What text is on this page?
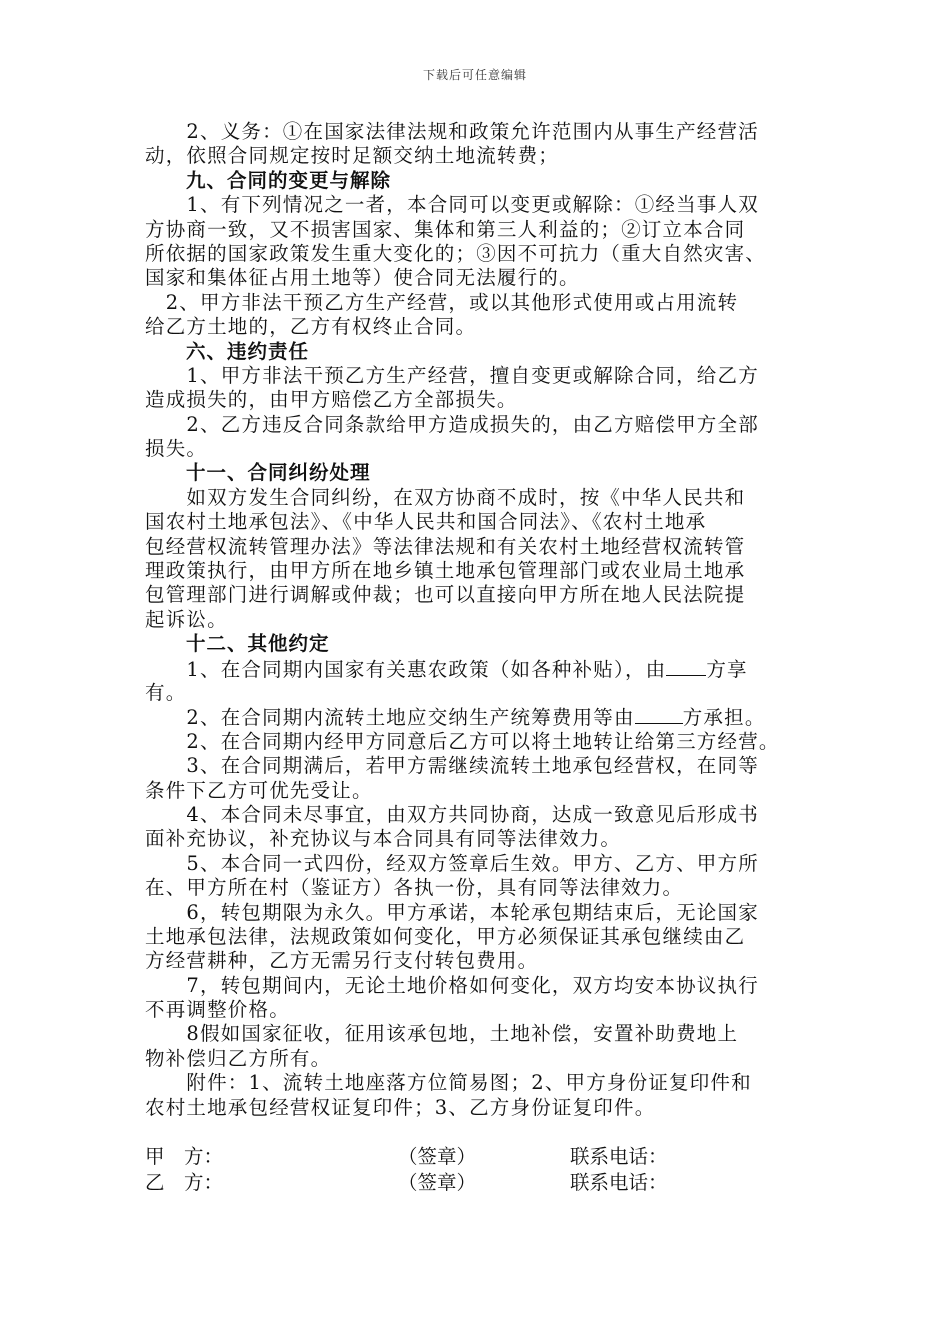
下载后可任意编辑
　　2、义务：①在国家法律法规和政策允许范围内从事生产经营活
动，依照合同规定按时足额交纳土地流转费；
　　九、合同的变更与解除
　　1、有下列情况之一者，本合同可以变更或解除：①经当事人双
方协商一致，又不损害国家、集体和第三人利益的；②订立本合同
所依据的国家政策发生重大变化的；③因不可抗力（重大自然灾害、
国家和集体征占用土地等）使合同无法履行的。
　2、甲方非法干预乙方生产经营，或以其他形式使用或占用流转
给乙方土地的，乙方有权终止合同。
　　六、违约责任
　　1、甲方非法干预乙方生产经营，擅自变更或解除合同，给乙方
造成损失的，由甲方赔偿乙方全部损失。
　　2、乙方违反合同条款给甲方造成损失的，由乙方赔偿甲方全部
损失。
　　十一、合同纠纷处理
　　如双方发生合同纠纷，在双方协商不成时，按《中华人民共和
国农村土地承包法》、《中华人民共和国合同法》、《农村土地承
包经营权流转管理办法》等法律法规和有关农村土地经营权流转管
理政策执行，由甲方所在地乡镇土地承包管理部门或农业局土地承
包管理部门进行调解或仲裁；也可以直接向甲方所在地人民法院提
起诉讼。
　　十二、其他约定
　　1、在合同期内国家有关惠农政策（如各种补贴），由 方享
有。
　　2、在合同期内流转土地应交纳生产统筹费用等由 方承担。
　　2、在合同期内经甲方同意后乙方可以将土地转让给第三方经营。
　　3、在合同期满后，若甲方需继续流转土地承包经营权，在同等
条件下乙方可优先受让。
　　4、本合同未尽事宜，由双方共同协商，达成一致意见后形成书
面补充协议，补充协议与本合同具有同等法律效力。
　　5、本合同一式四份，经双方签章后生效。甲方、乙方、甲方所
在、甲方所在村（鉴证方）各执一份，具有同等法律效力。
　　6，转包期限为永久。甲方承诺，本轮承包期结束后，无论国家
土地承包法律，法规政策如何变化，甲方必须保证其承包继续由乙
方经营耕种，乙方无需另行支付转包费用。
　　7，转包期间内，无论土地价格如何变化，双方均安本协议执行
不再调整价格。
　　8假如国家征收，征用该承包地，土地补偿，安置补助费地上
物补偿归乙方所有。
　　附件：1、流转土地座落方位简易图；2、甲方身份证复印件和
农村土地承包经营权证复印件；3、乙方身份证复印件。
甲　方：	（签章）	联系电话：
乙　方：	（签章）	联系电话：
